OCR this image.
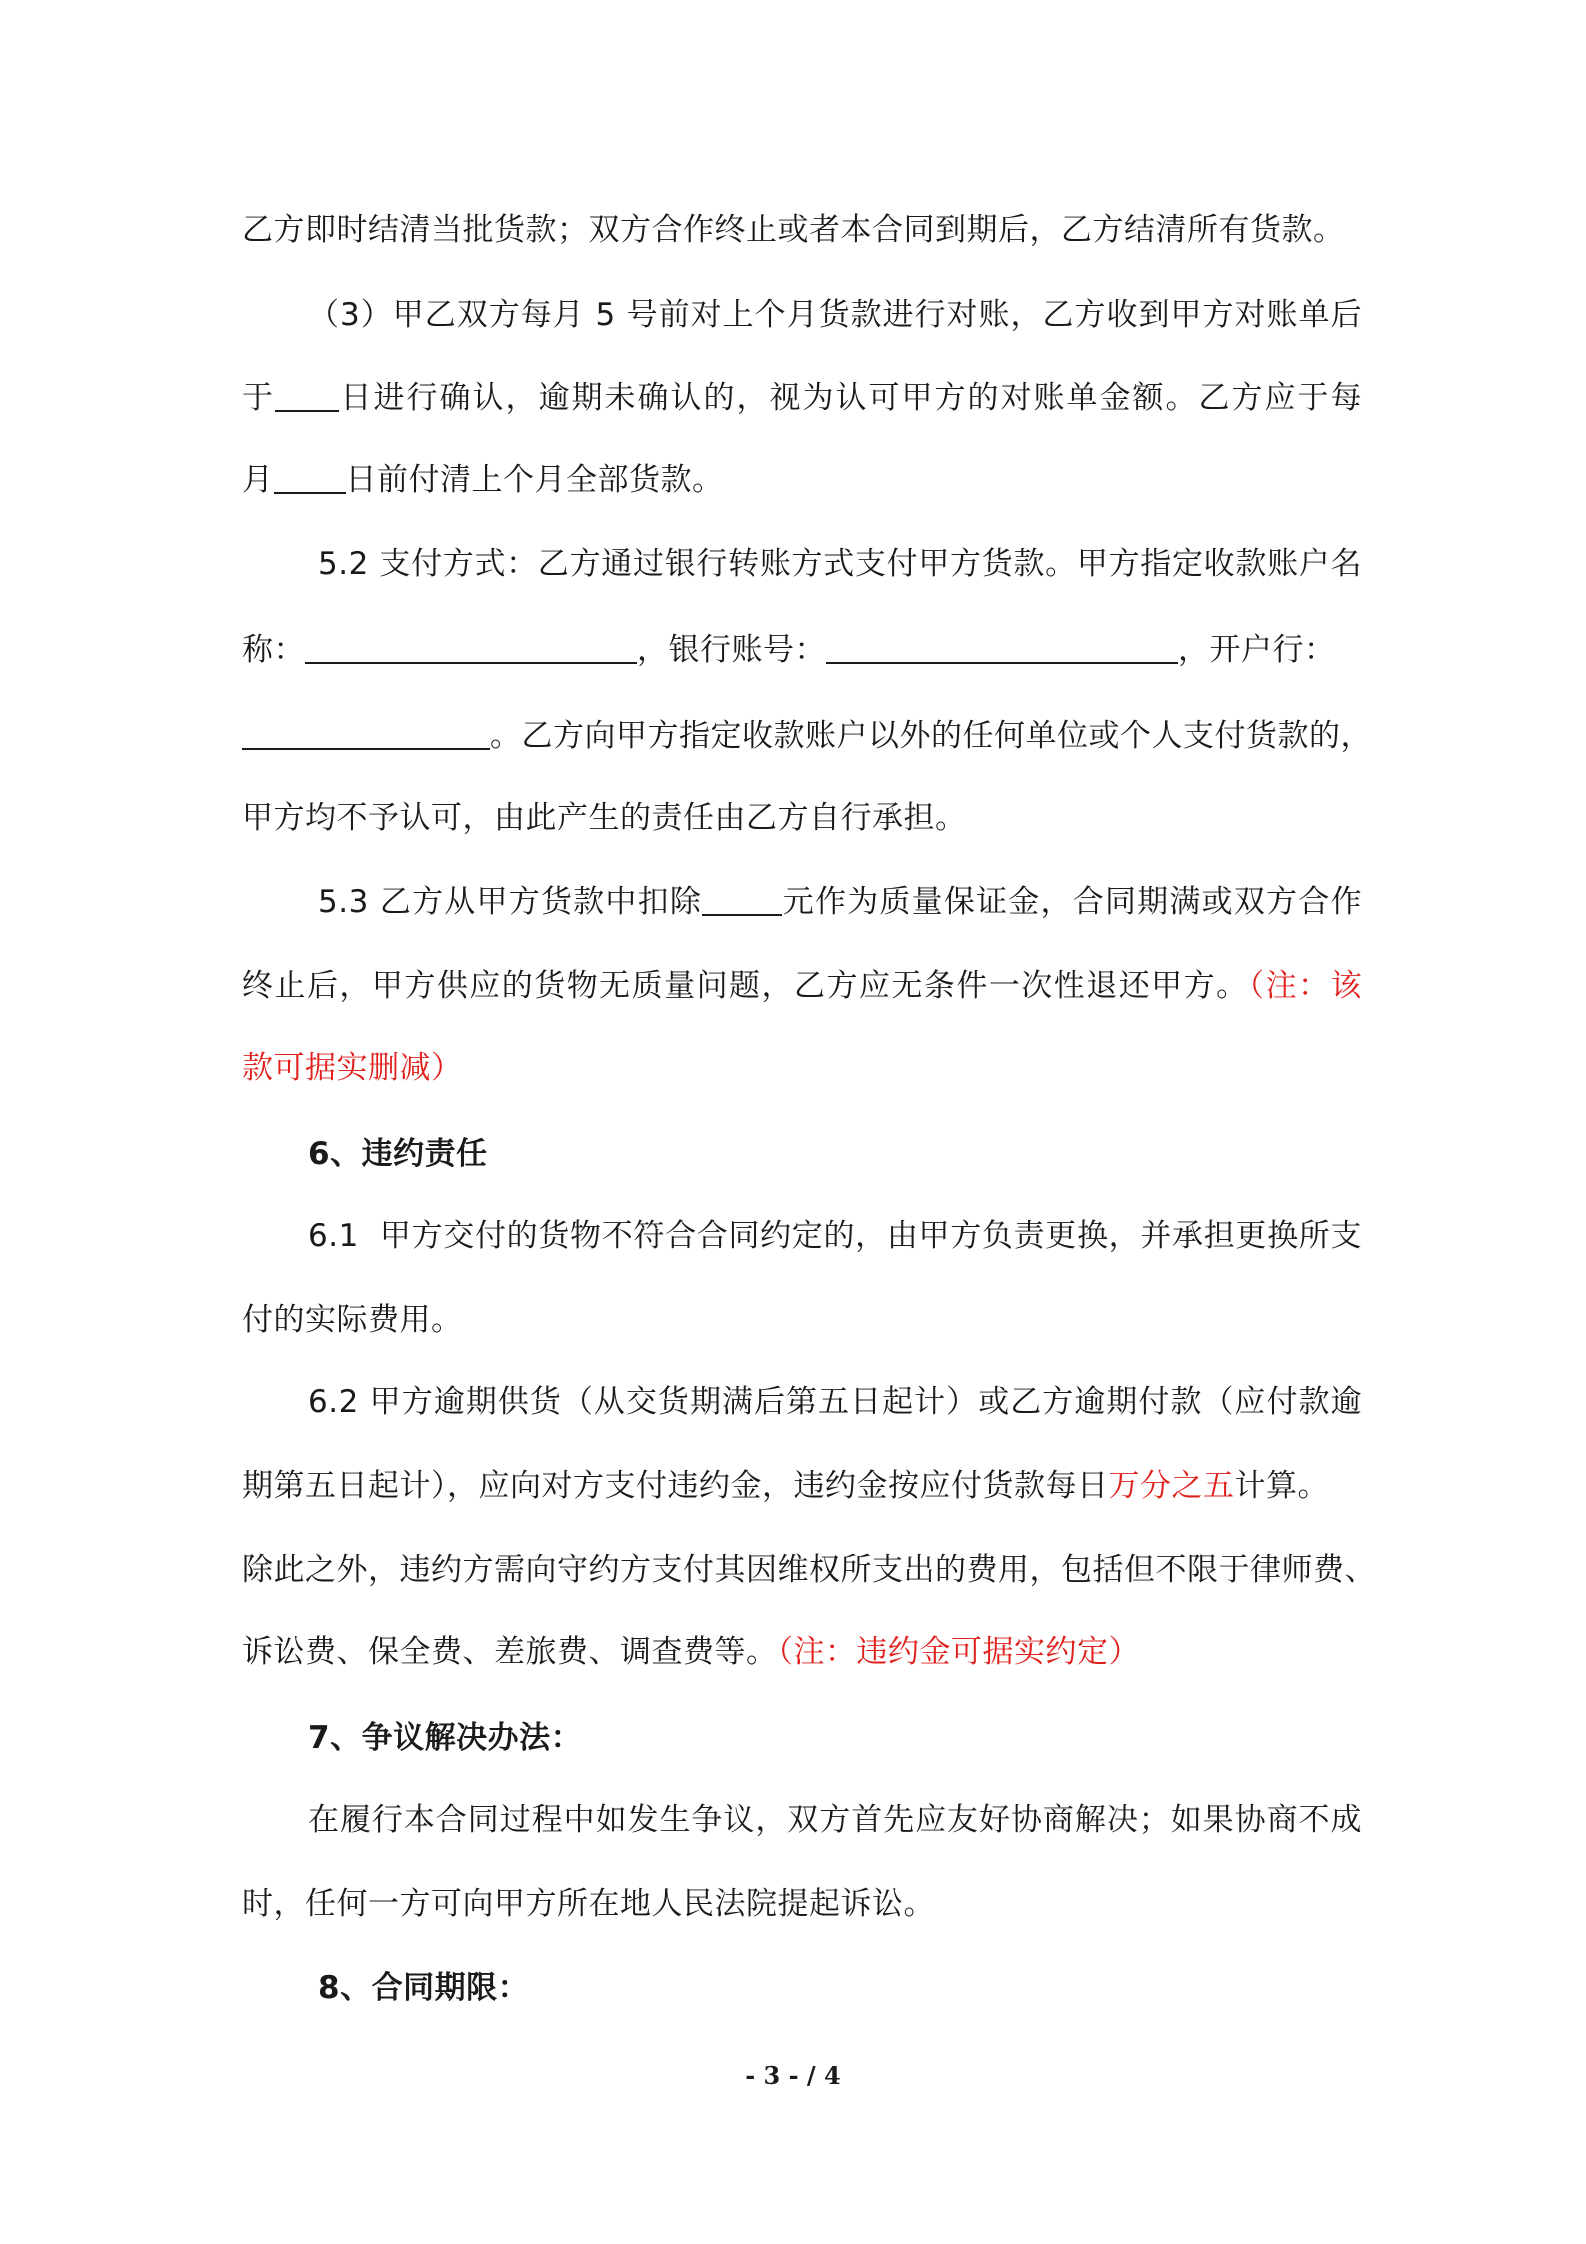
乙方即时结清当批货款；双方合作终止或者本合同到期后，乙方结清所有货款。
（3）甲乙双方每月 5 号前对上个月货款进行对账，乙方收到甲方对账单后
于 日进行确认，逾期未确认的，视为认可甲方的对账单金额。乙方应于每
月 日前付清上个月全部货款。
5.2 支付方式：乙方通过银行转账方式支付甲方货款。甲方指定收款账户名
称：	，银行账号：	，开户行：
。乙方向甲方指定收款账户以外的任何单位或个人支付货款的，
甲方均不予认可，由此产生的责任由乙方自行承担。
5.3 乙方从甲方货款中扣除	元作为质量保证金，合同期满或双方合作
终止后，甲方供应的货物无质量问题，乙方应无条件一次性退还甲方。（注：该
款可据实删减）
6、违约责任
6.1  甲方交付的货物不符合合同约定的，由甲方负责更换，并承担更换所支
付的实际费用。
6.2 甲方逾期供货（从交货期满后第五日起计）或乙方逾期付款（应付款逾
期第五日起计），应向对方支付违约金，违约金按应付货款每日万分之五计算。
除此之外，违约方需向守约方支付其因维权所支出的费用，包括但不限于律师费、
诉讼费、保全费、差旅费、调查费等。（注：违约金可据实约定）
7、争议解决办法：
在履行本合同过程中如发生争议，双方首先应友好协商解决；如果协商不成
时，任何一方可向甲方所在地人民法院提起诉讼。
8、合同期限：
- 3 - / 4
